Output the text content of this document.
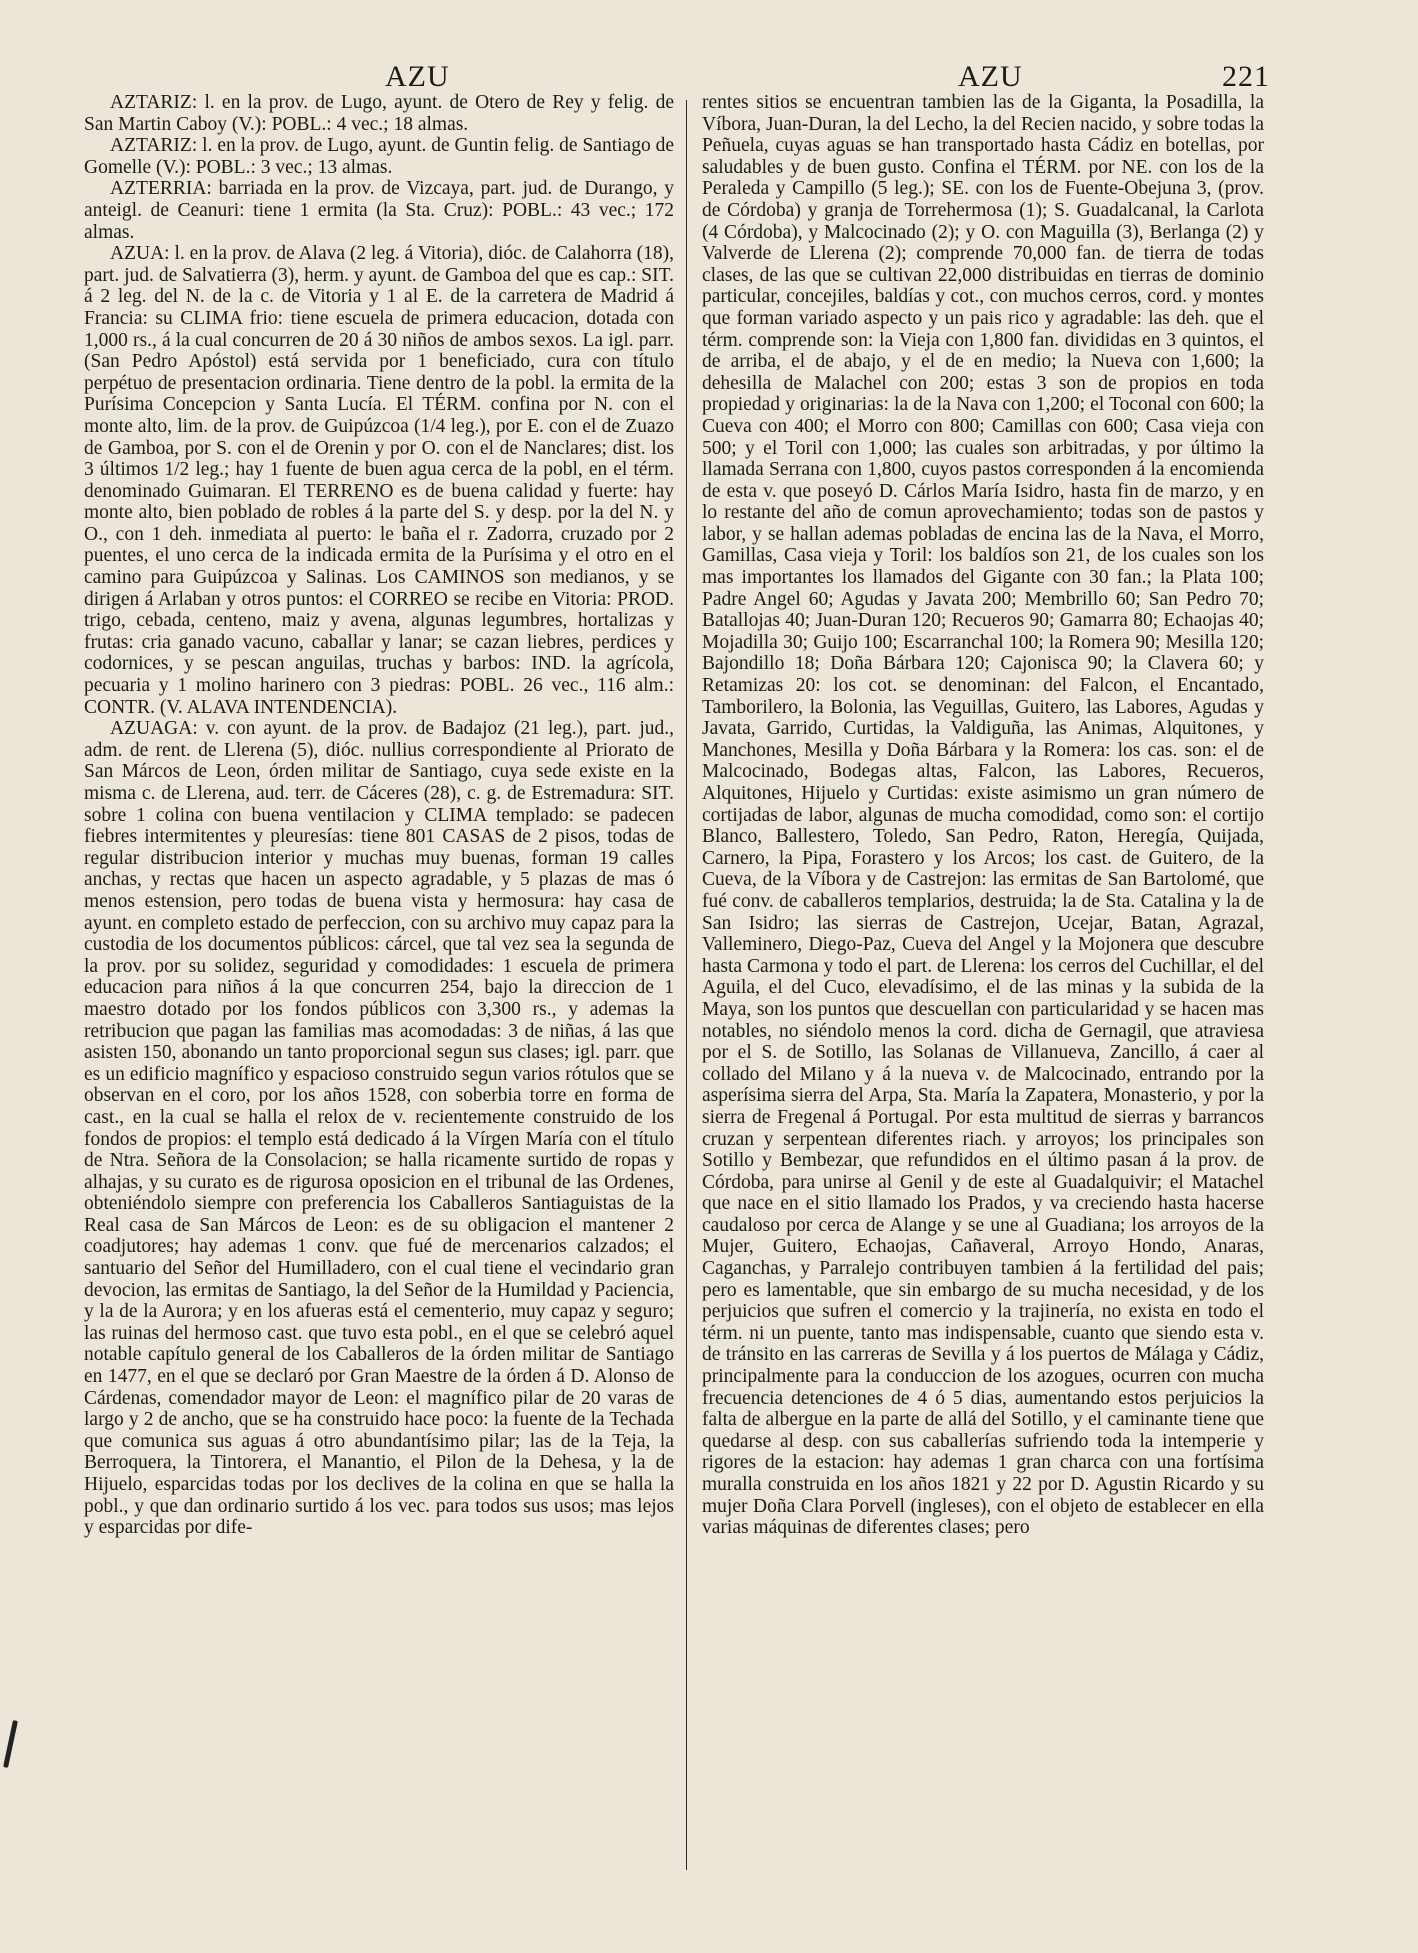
AZU	AZU	221

AZTARIZ: l. en la prov. de Lugo, ayunt. de Otero de Rey y felig. de San Martin Caboy (V.): POBL.: 4 vec.; 18 almas.

AZTARIZ: l. en la prov. de Lugo, ayunt. de Guntin felig. de Santiago de Gomelle (V.): POBL.: 3 vec.; 13 almas.

AZTERRIA: barriada en la prov. de Vizcaya, part. jud. de Durango, y anteigl. de Ceanuri: tiene 1 ermita (la Sta. Cruz): POBL.: 43 vec.; 172 almas.

AZUA: l. en la prov. de Alava (2 leg. á Vitoria), dióc. de Calahorra (18), part. jud. de Salvatierra (3), herm. y ayunt. de Gamboa del que es cap.: SIT. á 2 leg. del N. de la c. de Vitoria y 1 al E. de la carretera de Madrid á Francia: su CLIMA frio: tiene escuela de primera educacion, dotada con 1,000 rs., á la cual concurren de 20 á 30 niños de ambos sexos. La igl. parr. (San Pedro Apóstol) está servida por 1 beneficiado, cura con título perpétuo de presentacion ordinaria. Tiene dentro de la pobl. la ermita de la Purísima Concepcion y Santa Lucía. El TÉRM. confina por N. con el monte alto, lim. de la prov. de Guipúzcoa (1/4 leg.), por E. con el de Zuazo de Gamboa, por S. con el de Orenin y por O. con el de Nanclares; dist. los 3 últimos 1/2 leg.; hay 1 fuente de buen agua cerca de la pobl, en el térm. denominado Guimaran. El TERRENO es de buena calidad y fuerte: hay monte alto, bien poblado de robles á la parte del S. y desp. por la del N. y O., con 1 deh. inmediata al puerto: le baña el r. Zadorra, cruzado por 2 puentes, el uno cerca de la indicada ermita de la Purísima y el otro en el camino para Guipúzcoa y Salinas. Los CAMINOS son medianos, y se dirigen á Arlaban y otros puntos: el CORREO se recibe en Vitoria: PROD. trigo, cebada, centeno, maiz y avena, algunas legumbres, hortalizas y frutas: cria ganado vacuno, caballar y lanar; se cazan liebres, perdices y codornices, y se pescan anguilas, truchas y barbos: IND. la agrícola, pecuaria y 1 molino harinero con 3 piedras: POBL. 26 vec., 116 alm.: CONTR. (V. ALAVA INTENDENCIA).

AZUAGA: v. con ayunt. de la prov. de Badajoz (21 leg.), part. jud., adm. de rent. de Llerena (5), dióc. nullius correspondiente al Priorato de San Márcos de Leon, órden militar de Santiago, cuya sede existe en la misma c. de Llerena, aud. terr. de Cáceres (28), c. g. de Estremadura: SIT. sobre 1 colina con buena ventilacion y CLIMA templado: se padecen fiebres intermitentes y pleuresías: tiene 801 CASAS de 2 pisos, todas de regular distribucion interior y muchas muy buenas, forman 19 calles anchas, y rectas que hacen un aspecto agradable, y 5 plazas de mas ó menos estension, pero todas de buena vista y hermosura: hay casa de ayunt. en completo estado de perfeccion, con su archivo muy capaz para la custodia de los documentos públicos: cárcel, que tal vez sea la segunda de la prov. por su solidez, seguridad y comodidades: 1 escuela de primera educacion para niños á la que concurren 254, bajo la direccion de 1 maestro dotado por los fondos públicos con 3,300 rs., y ademas la retribucion que pagan las familias mas acomodadas: 3 de niñas, á las que asisten 150, abonando un tanto proporcional segun sus clases; igl. parr. que es un edificio magnífico y espacioso construido segun varios rótulos que se observan en el coro, por los años 1528, con soberbia torre en forma de cast., en la cual se halla el relox de v. recientemente construido de los fondos de propios: el templo está dedicado á la Vírgen María con el título de Ntra. Señora de la Consolacion; se halla ricamente surtido de ropas y alhajas, y su curato es de rigurosa oposicion en el tribunal de las Ordenes, obteniéndolo siempre con preferencia los Caballeros Santiaguistas de la Real casa de San Márcos de Leon: es de su obligacion el mantener 2 coadjutores; hay ademas 1 conv. que fué de mercenarios calzados; el santuario del Señor del Humilladero, con el cual tiene el vecindario gran devocion, las ermitas de Santiago, la del Señor de la Humildad y Paciencia, y la de la Aurora; y en los afueras está el cementerio, muy capaz y seguro; las ruinas del hermoso cast. que tuvo esta pobl., en el que se celebró aquel notable capítulo general de los Caballeros de la órden militar de Santiago en 1477, en el que se declaró por Gran Maestre de la órden á D. Alonso de Cárdenas, comendador mayor de Leon: el magnífico pilar de 20 varas de largo y 2 de ancho, que se ha construido hace poco: la fuente de la Techada que comunica sus aguas á otro abundantísimo pilar; las de la Teja, la Berroquera, la Tintorera, el Manantio, el Pilon de la Dehesa, y la de Hijuelo, esparcidas todas por los declives de la colina en que se halla la pobl., y que dan ordinario surtido á los vec. para todos sus usos; mas lejos y esparcidas por dife-

rentes sitios se encuentran tambien las de la Giganta, la Posadilla, la Víbora, Juan-Duran, la del Lecho, la del Recien nacido, y sobre todas la Peñuela, cuyas aguas se han transportado hasta Cádiz en botellas, por saludables y de buen gusto. Confina el TÉRM. por NE. con los de la Peraleda y Campillo (5 leg.); SE. con los de Fuente-Obejuna 3, (prov. de Córdoba) y granja de Torrehermosa (1); S. Guadalcanal, la Carlota (4 Córdoba), y Malcocinado (2); y O. con Maguilla (3), Berlanga (2) y Valverde de Llerena (2); comprende 70,000 fan. de tierra de todas clases, de las que se cultivan 22,000 distribuidas en tierras de dominio particular, concejiles, baldías y cot., con muchos cerros, cord. y montes que forman variado aspecto y un pais rico y agradable: las deh. que el térm. comprende son: la Vieja con 1,800 fan. divididas en 3 quintos, el de arriba, el de abajo, y el de en medio; la Nueva con 1,600; la dehesilla de Malachel con 200; estas 3 son de propios en toda propiedad y originarias: la de la Nava con 1,200; el Toconal con 600; la Cueva con 400; el Morro con 800; Camillas con 600; Casa vieja con 500; y el Toril con 1,000; las cuales son arbitradas, y por último la llamada Serrana con 1,800, cuyos pastos corresponden á la encomienda de esta v. que poseyó D. Cárlos María Isidro, hasta fin de marzo, y en lo restante del año de comun aprovechamiento; todas son de pastos y labor, y se hallan ademas pobladas de encina las de la Nava, el Morro, Gamillas, Casa vieja y Toril: los baldíos son 21, de los cuales son los mas importantes los llamados del Gigante con 30 fan.; la Plata 100; Padre Angel 60; Agudas y Javata 200; Membrillo 60; San Pedro 70; Batallojas 40; Juan-Duran 120; Recueros 90; Gamarra 80; Echaojas 40; Mojadilla 30; Guijo 100; Escarranchal 100; la Romera 90; Mesilla 120; Bajondillo 18; Doña Bárbara 120; Cajonisca 90; la Clavera 60; y Retamizas 20: los cot. se denominan: del Falcon, el Encantado, Tamborilero, la Bolonia, las Veguillas, Guitero, las Labores, Agudas y Javata, Garrido, Curtidas, la Valdiguña, las Animas, Alquitones, y Manchones, Mesilla y Doña Bárbara y la Romera: los cas. son: el de Malcocinado, Bodegas altas, Falcon, las Labores, Recueros, Alquitones, Hijuelo y Curtidas: existe asimismo un gran número de cortijadas de labor, algunas de mucha comodidad, como son: el cortijo Blanco, Ballestero, Toledo, San Pedro, Raton, Heregía, Quijada, Carnero, la Pipa, Forastero y los Arcos; los cast. de Guitero, de la Cueva, de la Víbora y de Castrejon: las ermitas de San Bartolomé, que fué conv. de caballeros templarios, destruida; la de Sta. Catalina y la de San Isidro; las sierras de Castrejon, Ucejar, Batan, Agrazal, Valleminero, Diego-Paz, Cueva del Angel y la Mojonera que descubre hasta Carmona y todo el part. de Llerena: los cerros del Cuchillar, el del Aguila, el del Cuco, elevadísimo, el de las minas y la subida de la Maya, son los puntos que descuellan con particularidad y se hacen mas notables, no siéndolo menos la cord. dicha de Gernagil, que atraviesa por el S. de Sotillo, las Solanas de Villanueva, Zancillo, á caer al collado del Milano y á la nueva v. de Malcocinado, entrando por la asperísima sierra del Arpa, Sta. María la Zapatera, Monasterio, y por la sierra de Fregenal á Portugal. Por esta multitud de sierras y barrancos cruzan y serpentean diferentes riach. y arroyos; los principales son Sotillo y Bembezar, que refundidos en el último pasan á la prov. de Córdoba, para unirse al Genil y de este al Guadalquivir; el Matachel que nace en el sitio llamado los Prados, y va creciendo hasta hacerse caudaloso por cerca de Alange y se une al Guadiana; los arroyos de la Mujer, Guitero, Echaojas, Cañaveral, Arroyo Hondo, Anaras, Caganchas, y Parralejo contribuyen tambien á la fertilidad del pais; pero es lamentable, que sin embargo de su mucha necesidad, y de los perjuicios que sufren el comercio y la trajinería, no exista en todo el térm. ni un puente, tanto mas indispensable, cuanto que siendo esta v. de tránsito en las carreras de Sevilla y á los puertos de Málaga y Cádiz, principalmente para la conduccion de los azogues, ocurren con mucha frecuencia detenciones de 4 ó 5 dias, aumentando estos perjuicios la falta de albergue en la parte de allá del Sotillo, y el caminante tiene que quedarse al desp. con sus caballerías sufriendo toda la intemperie y rigores de la estacion: hay ademas 1 gran charca con una fortísima muralla construida en los años 1821 y 22 por D. Agustin Ricardo y su mujer Doña Clara Porvell (ingleses), con el objeto de establecer en ella varias máquinas de diferentes clases; pero
